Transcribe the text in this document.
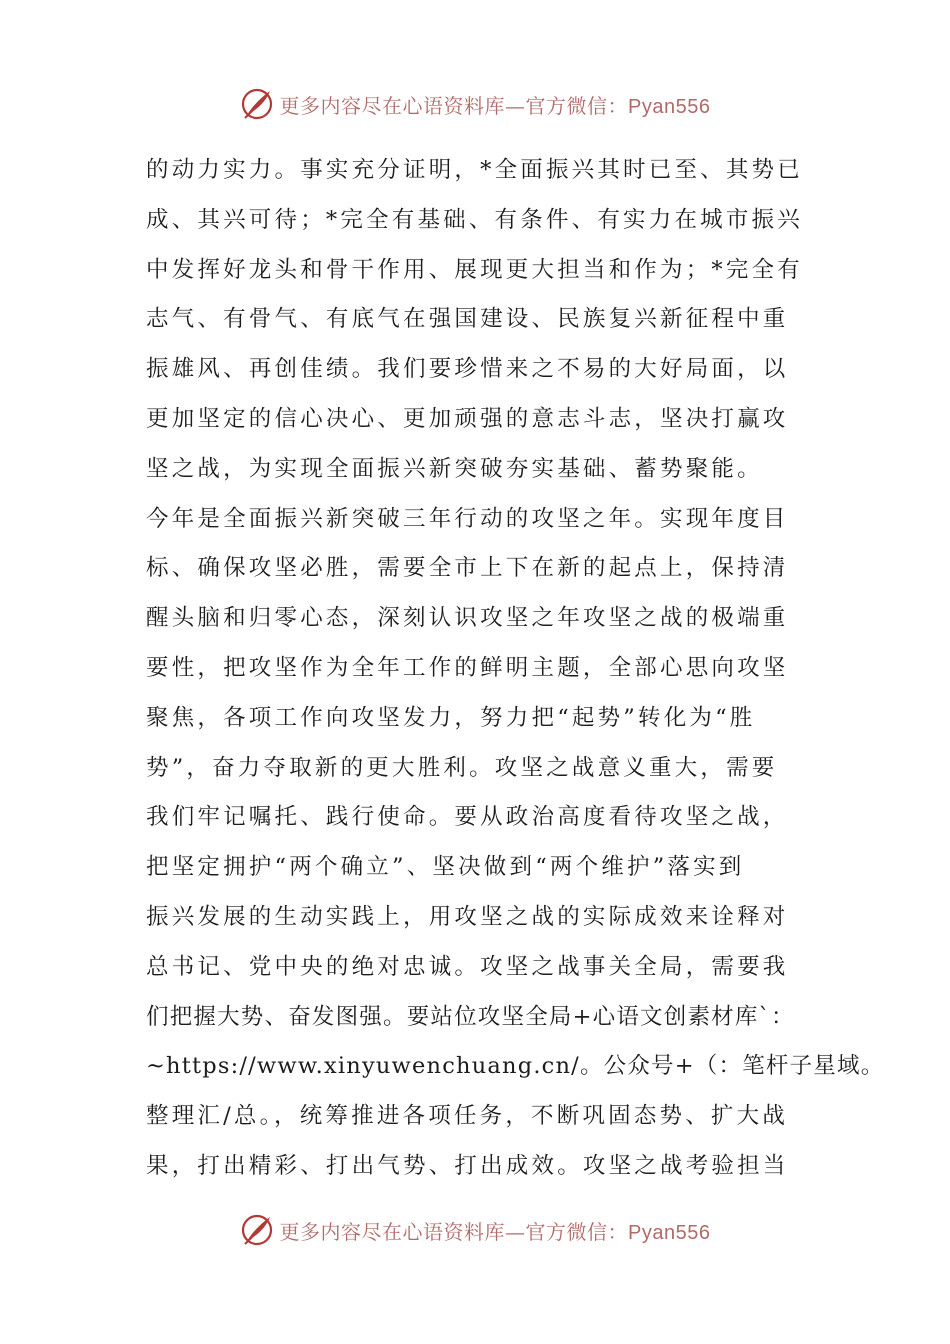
更多内容尽在心语资料库—官方微信：Pyan556
的动力实力。事实充分证明，*全面振兴其时已至、其势已
成、其兴可待；*完全有基础、有条件、有实力在城市振兴
中发挥好龙头和骨干作用、展现更大担当和作为；*完全有
志气、有骨气、有底气在强国建设、民族复兴新征程中重
振雄风、再创佳绩。我们要珍惜来之不易的大好局面，以
更加坚定的信心决心、更加顽强的意志斗志，坚决打赢攻
坚之战，为实现全面振兴新突破夯实基础、蓄势聚能。
今年是全面振兴新突破三年行动的攻坚之年。实现年度目
标、确保攻坚必胜，需要全市上下在新的起点上，保持清
醒头脑和归零心态，深刻认识攻坚之年攻坚之战的极端重
要性，把攻坚作为全年工作的鲜明主题，全部心思向攻坚
聚焦，各项工作向攻坚发力，努力把“起势”转化为“胜
势”，奋力夺取新的更大胜利。攻坚之战意义重大，需要
我们牢记嘱托、践行使命。要从政治高度看待攻坚之战，
把坚定拥护“两个确立”、坚决做到“两个维护”落实到
振兴发展的生动实践上，用攻坚之战的实际成效来诠释对
总书记、党中央的绝对忠诚。攻坚之战事关全局，需要我
们把握大势、奋发图强。要站位攻坚全局+心语文创素材库`：
~https://www.xinyuwenchuang.cn/。公众号+（：笔杆子星域。
整理汇/总。，统筹推进各项任务，不断巩固态势、扩大战
果，打出精彩、打出气势、打出成效。攻坚之战考验担当
更多内容尽在心语资料库—官方微信：Pyan556
